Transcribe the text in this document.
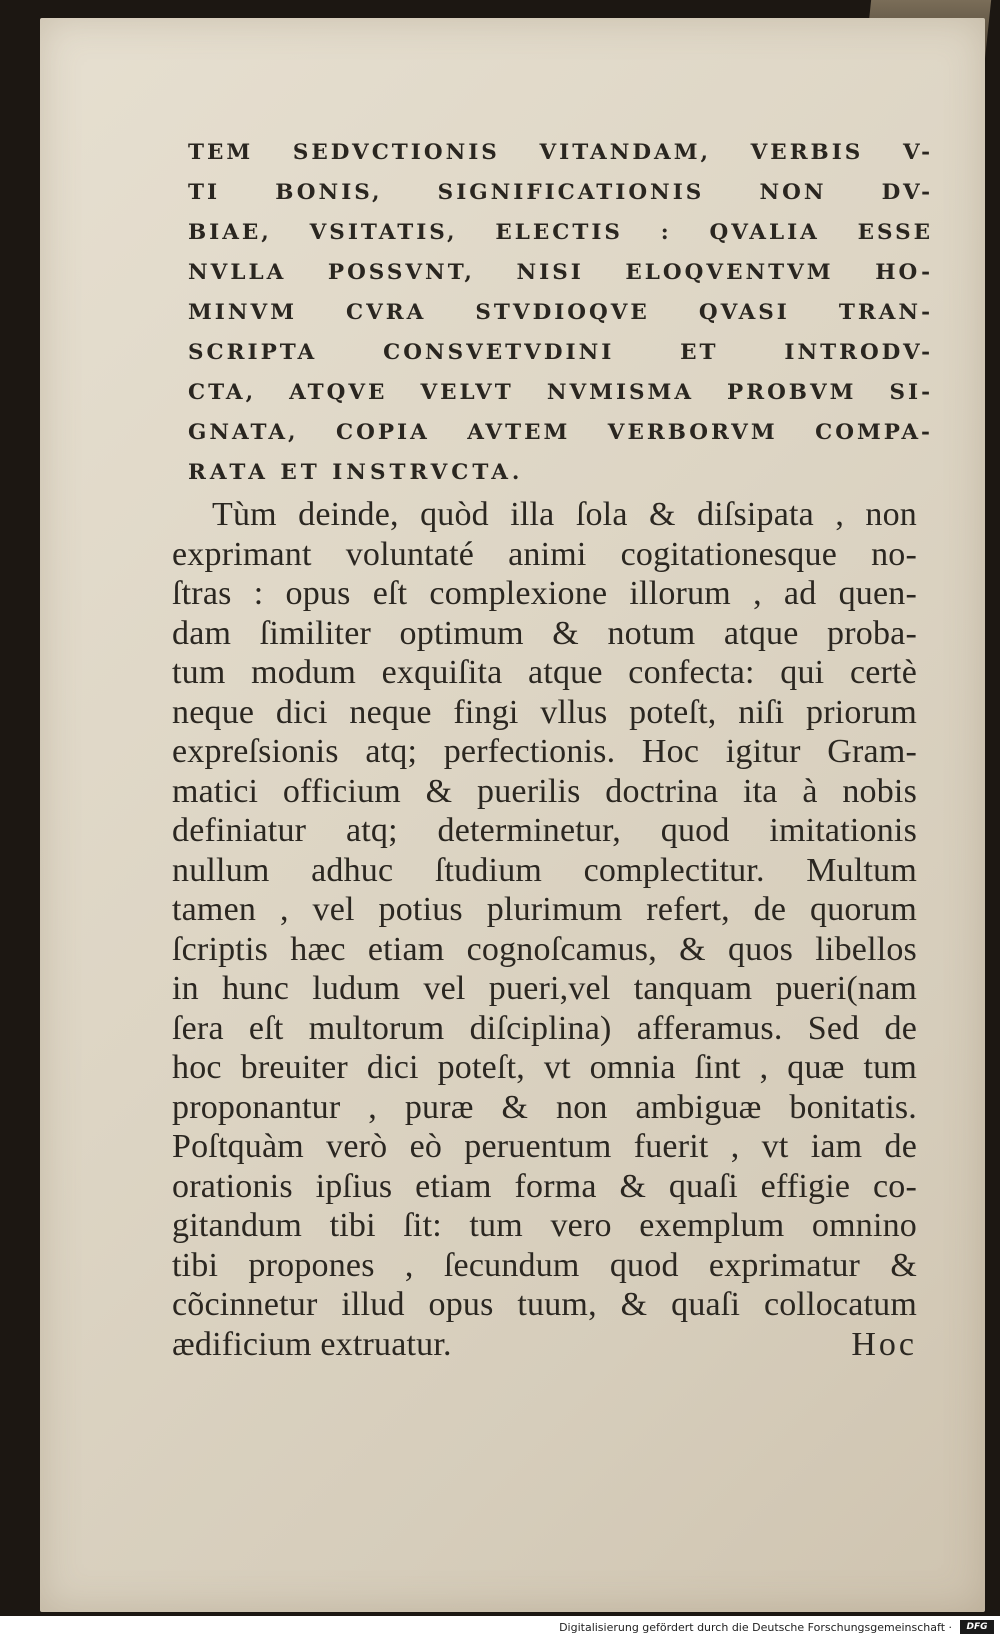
TEM SEDVCTIONIS VITANDAM, VERBIS V-
TI BONIS, SIGNIFICATIONIS NON DV-
BIAE, VSITATIS, ELECTIS : QVALIA ESSE
NVLLA POSSVNT, NISI ELOQVENTVM HO-
MINVM CVRA STVDIOQVE QVASI TRAN-
SCRIPTA CONSVETVDINI ET INTRODV-
CTA, ATQVE VELVT NVMISMA PROBVM SI-
GNATA, COPIA AVTEM VERBORVM COMPA-
RATA ET INSTRVCTA.
Tùm deinde, quòd illa ſola & diſsipata , non
exprimant voluntaté animi cogitationesque no-
ſtras : opus eſt complexione illorum , ad quen-
dam ſimiliter optimum & notum atque proba-
tum modum exquiſita atque confecta: qui certè
neque dici neque fingi vllus poteſt, niſi priorum
expreſsionis atq; perfectionis. Hoc igitur Gram-
matici officium & puerilis doctrina ita à nobis
definiatur atq; determinetur, quod imitationis
nullum adhuc ſtudium complectitur. Multum
tamen , vel potius plurimum refert, de quorum
ſcriptis hæc etiam cognoſcamus, & quos libellos
in hunc ludum vel pueri,vel tanquam pueri(nam
ſera eſt multorum diſciplina) afferamus. Sed de
hoc breuiter dici poteſt, vt omnia ſint , quæ tum
proponantur , puræ & non ambiguæ bonitatis.
Poſtquàm verò eò peruentum fuerit , vt iam de
orationis ipſius etiam forma & quaſi effigie co-
gitandum tibi ſit: tum vero exemplum omnino
tibi propones , ſecundum quod exprimatur &
cõcinnetur illud opus tuum, & quaſi collocatum
ædificium extruatur.	Hoc
Digitalisierung gefördert durch die Deutsche Forschungsgemeinschaft ·	DFG
